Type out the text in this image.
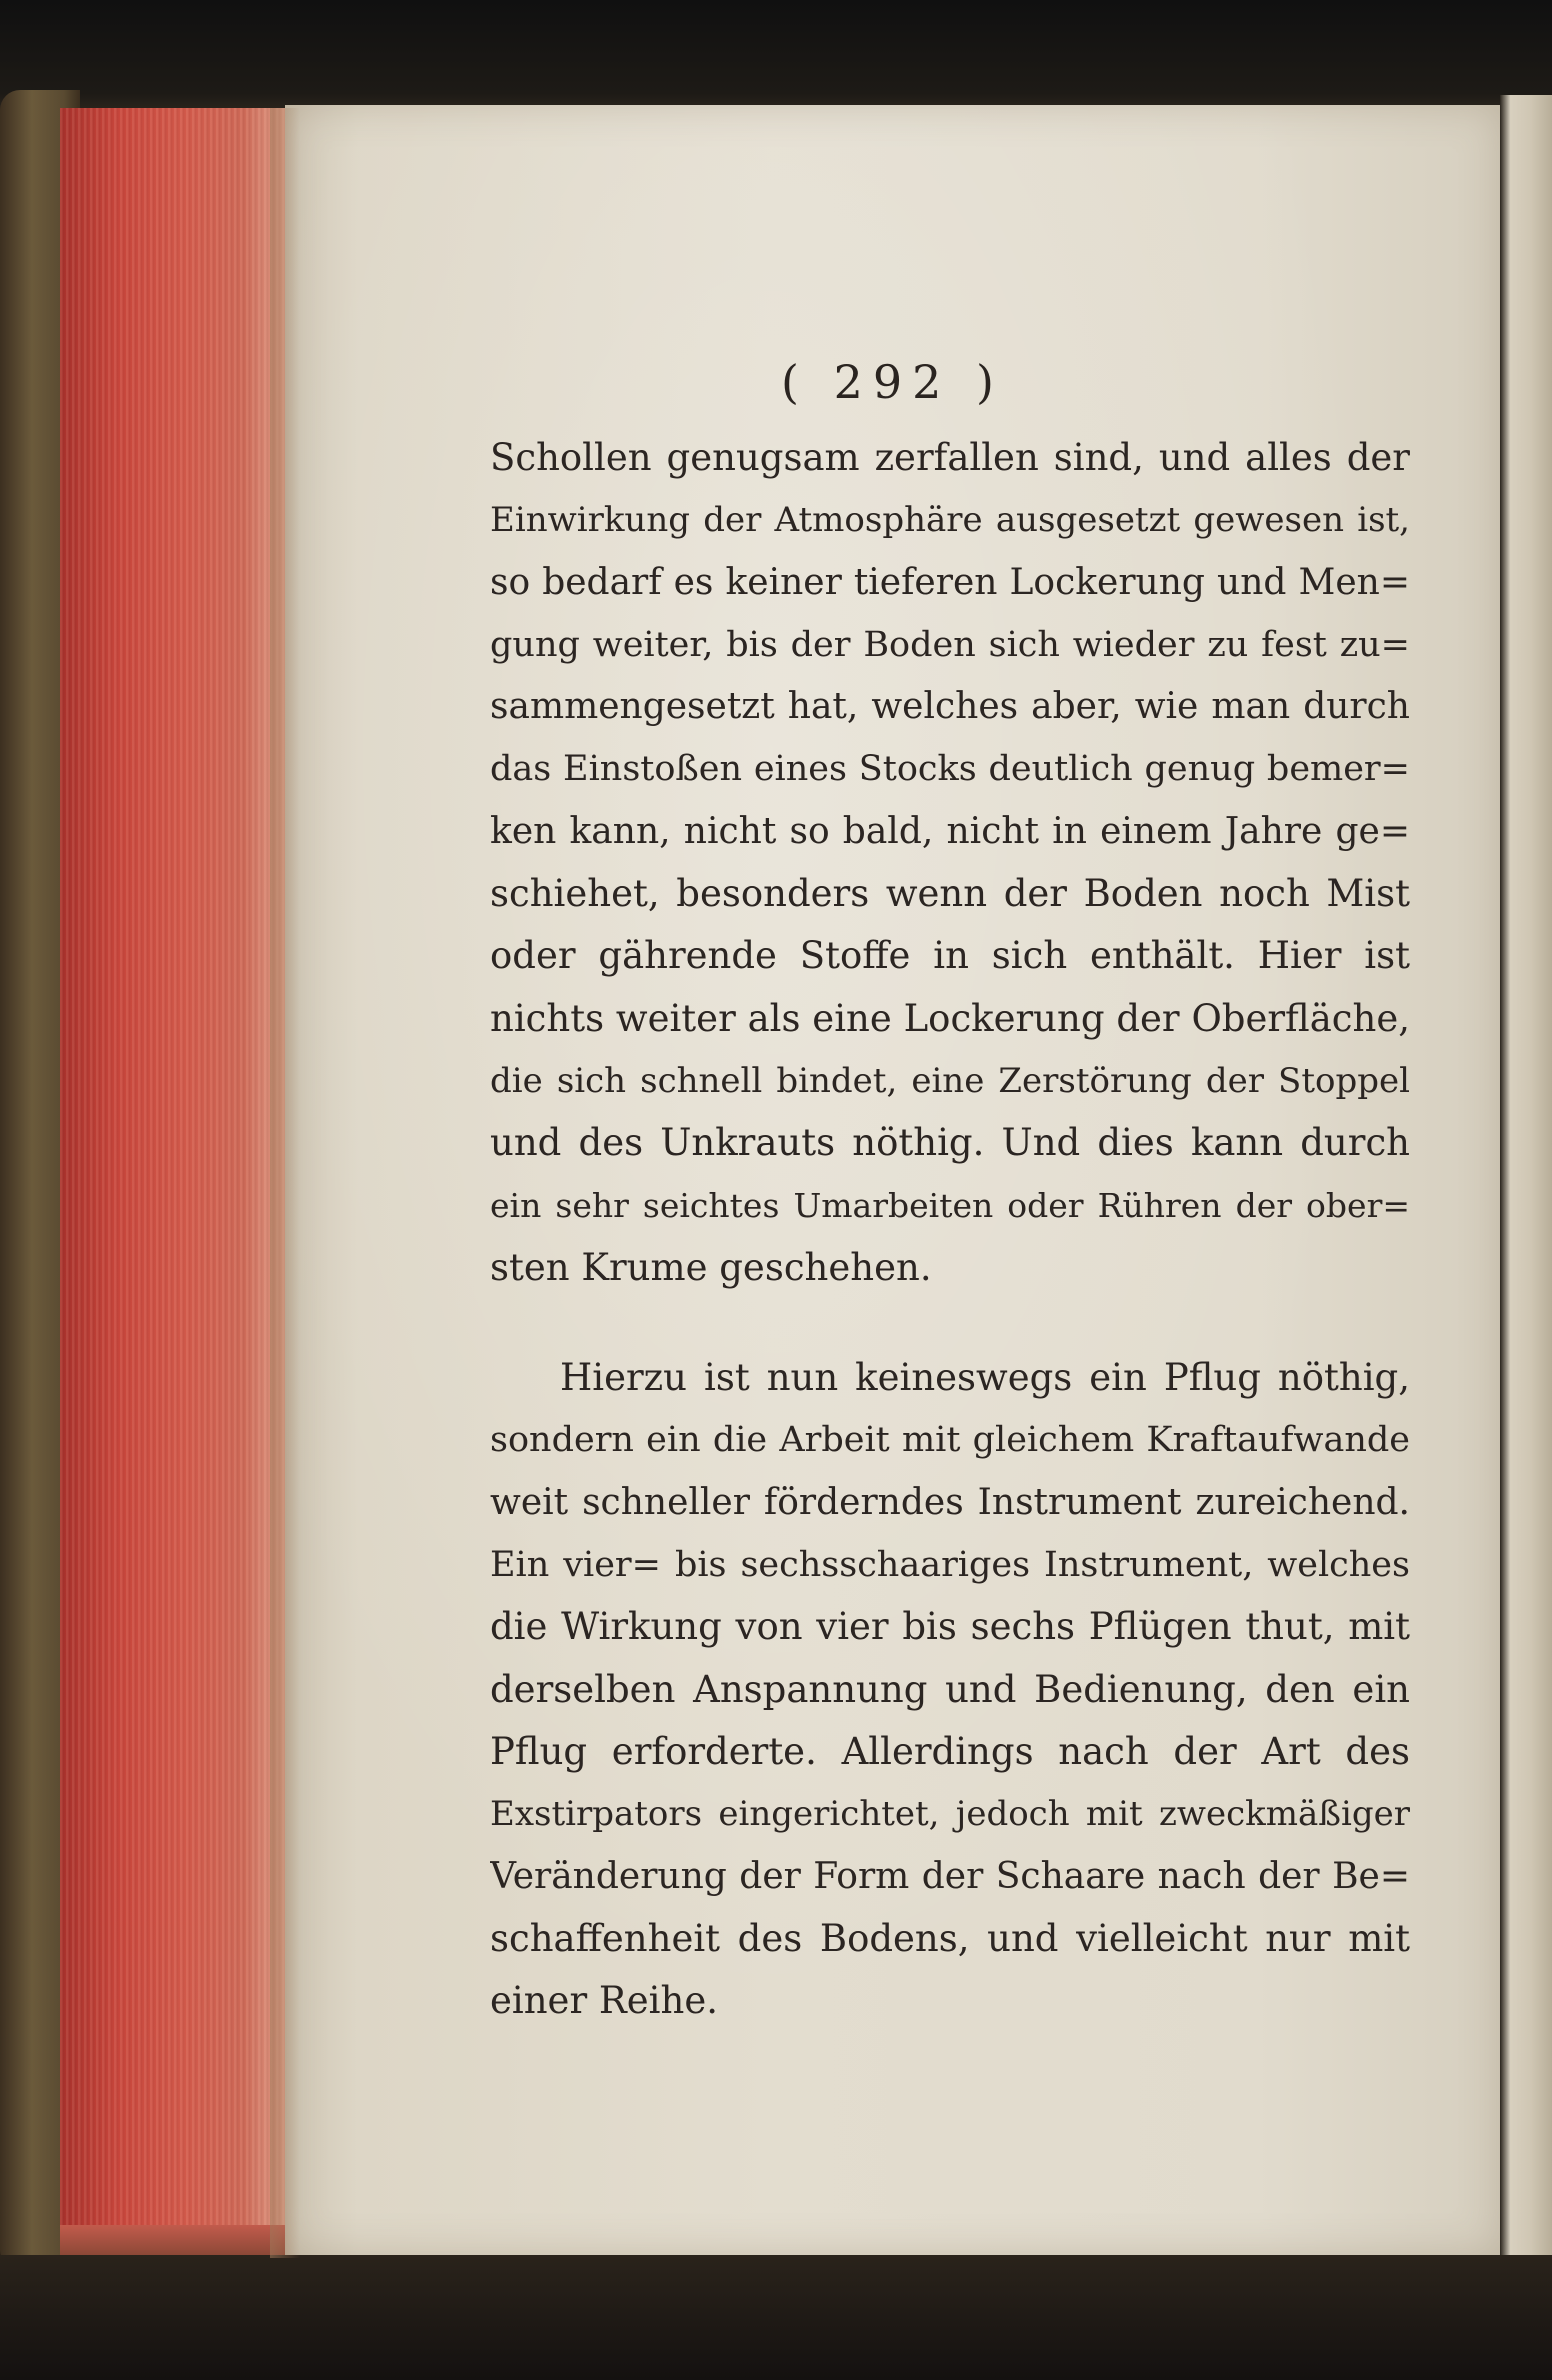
( 292 )
Schollen genugsam zerfallen sind, und alles der
Einwirkung der Atmosphäre ausgesetzt gewesen ist,
so bedarf es keiner tieferen Lockerung und Men=
gung weiter, bis der Boden sich wieder zu fest zu=
sammengesetzt hat, welches aber, wie man durch
das Einstoßen eines Stocks deutlich genug bemer=
ken kann, nicht so bald, nicht in einem Jahre ge=
schiehet, besonders wenn der Boden noch Mist
oder gährende Stoffe in sich enthält. Hier ist
nichts weiter als eine Lockerung der Oberfläche,
die sich schnell bindet, eine Zerstörung der Stoppel
und des Unkrauts nöthig. Und dies kann durch
ein sehr seichtes Umarbeiten oder Rühren der ober=
sten Krume geschehen.
Hierzu ist nun keineswegs ein Pflug nöthig,
sondern ein die Arbeit mit gleichem Kraftaufwande
weit schneller förderndes Instrument zureichend.
Ein vier= bis sechsschaariges Instrument, welches
die Wirkung von vier bis sechs Pflügen thut, mit
derselben Anspannung und Bedienung, den ein
Pflug erforderte. Allerdings nach der Art des
Exstirpators eingerichtet, jedoch mit zweckmäßiger
Veränderung der Form der Schaare nach der Be=
schaffenheit des Bodens, und vielleicht nur mit
einer Reihe.
